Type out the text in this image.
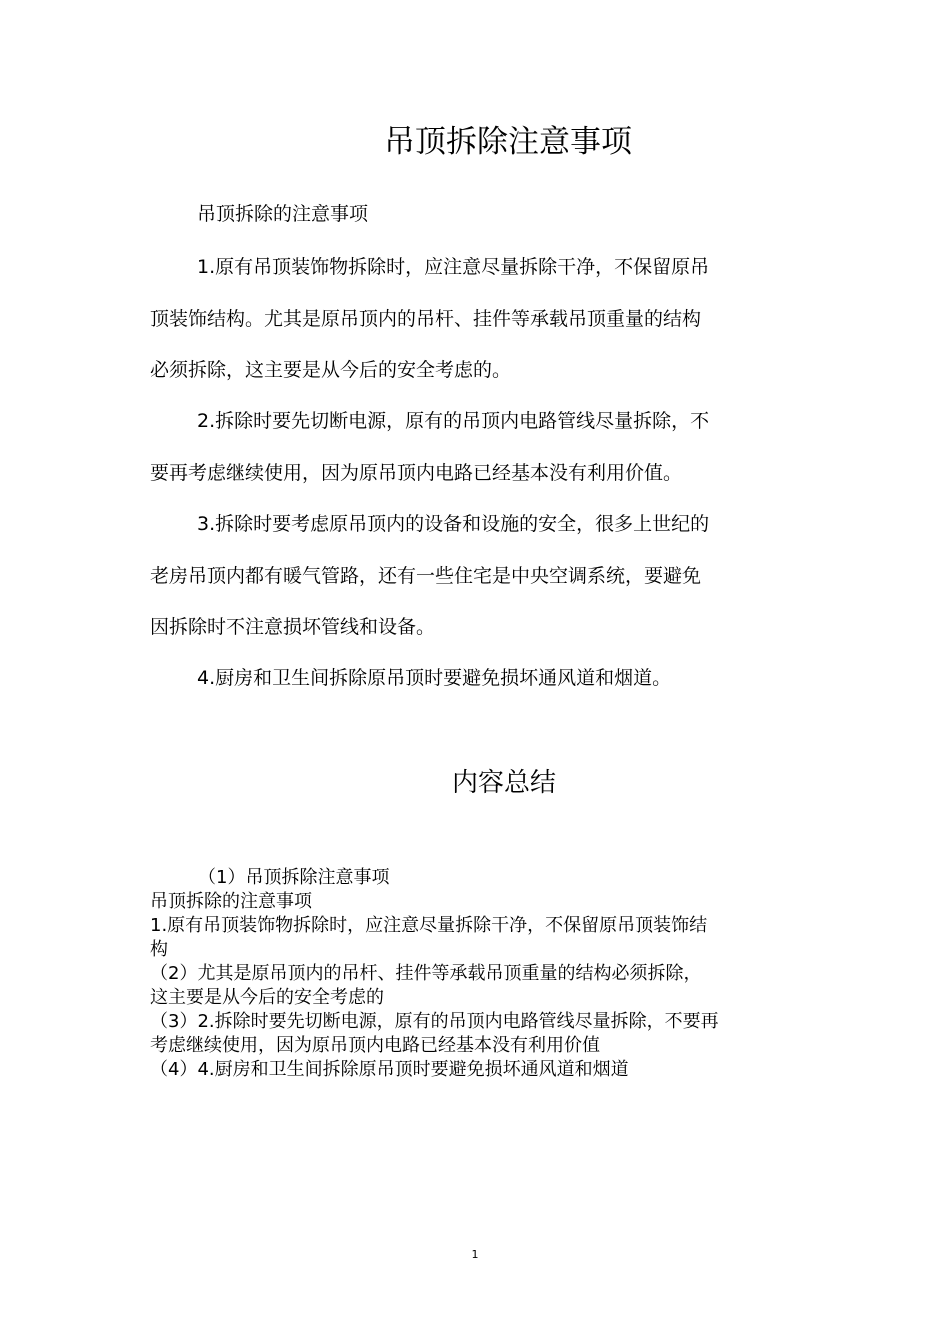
吊顶拆除注意事项
吊顶拆除的注意事项
1.原有吊顶装饰物拆除时，应注意尽量拆除干净，不保留原吊
顶装饰结构。尤其是原吊顶内的吊杆、挂件等承载吊顶重量的结构
必须拆除，这主要是从今后的安全考虑的。
2.拆除时要先切断电源，原有的吊顶内电路管线尽量拆除，不
要再考虑继续使用，因为原吊顶内电路已经基本没有利用价值。
3.拆除时要考虑原吊顶内的设备和设施的安全，很多上世纪的
老房吊顶内都有暖气管路，还有一些住宅是中央空调系统，要避免
因拆除时不注意损坏管线和设备。
4.厨房和卫生间拆除原吊顶时要避免损坏通风道和烟道。
内容总结
（1）吊顶拆除注意事项
吊顶拆除的注意事项
1.原有吊顶装饰物拆除时，应注意尽量拆除干净，不保留原吊顶装饰结
构
（2）尤其是原吊顶内的吊杆、挂件等承载吊顶重量的结构必须拆除，
这主要是从今后的安全考虑的
（3）2.拆除时要先切断电源，原有的吊顶内电路管线尽量拆除，不要再
考虑继续使用，因为原吊顶内电路已经基本没有利用价值
（4）4.厨房和卫生间拆除原吊顶时要避免损坏通风道和烟道
1
